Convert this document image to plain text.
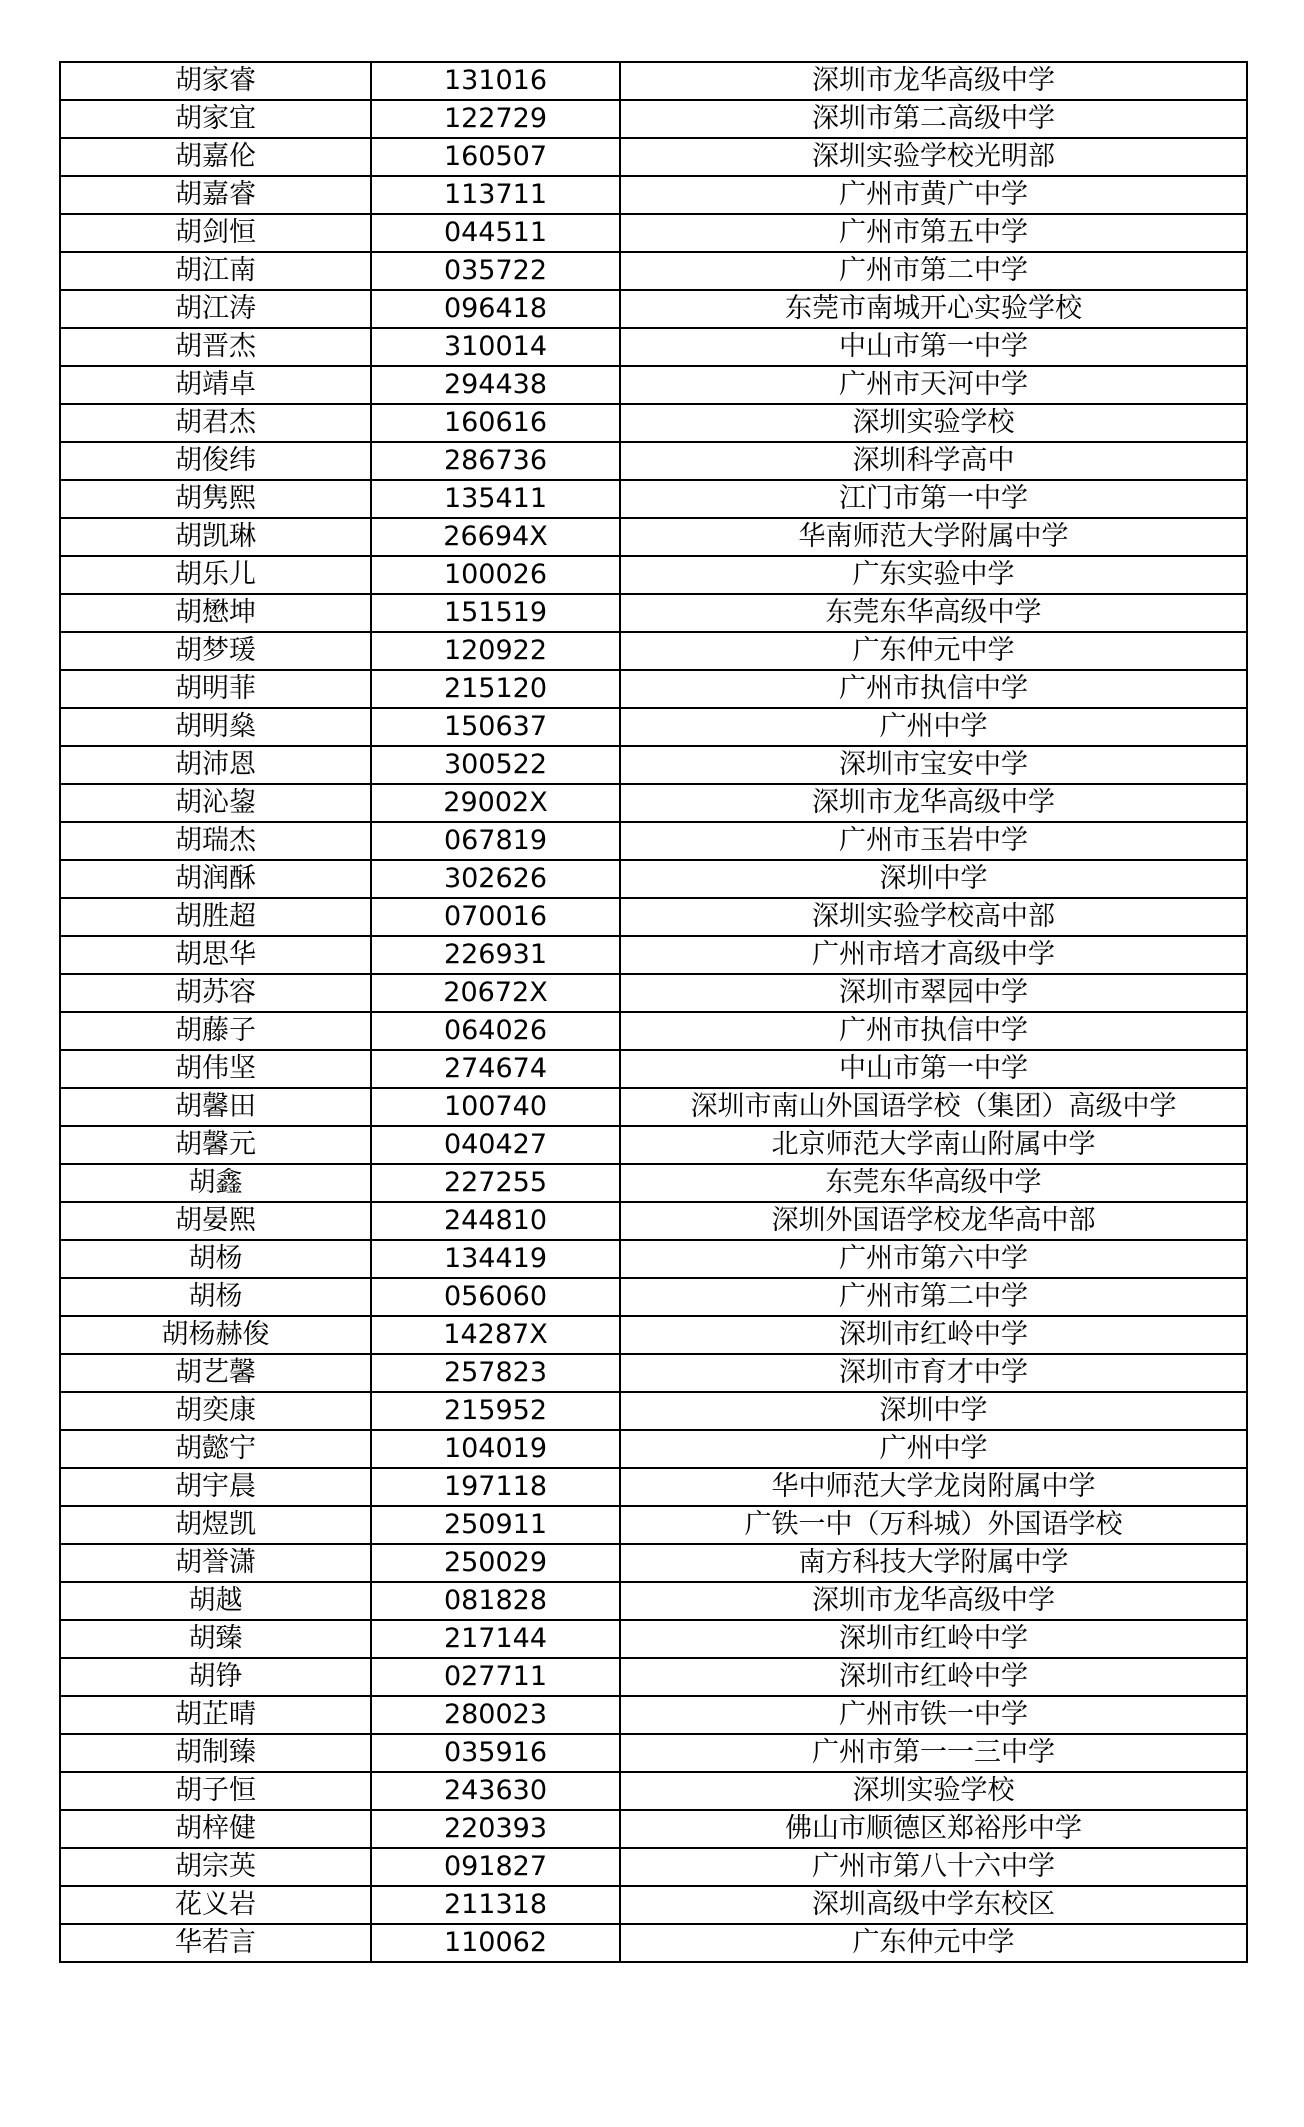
胡家睿	131016	深圳市龙华高级中学
胡家宜	122729	深圳市第二高级中学
胡嘉伦	160507	深圳实验学校光明部
胡嘉睿	113711	广州市黄广中学
胡剑恒	044511	广州市第五中学
胡江南	035722	广州市第二中学
胡江涛	096418	东莞市南城开心实验学校
胡晋杰	310014	中山市第一中学
胡靖卓	294438	广州市天河中学
胡君杰	160616	深圳实验学校
胡俊纬	286736	深圳科学高中
胡隽熙	135411	江门市第一中学
胡凯琳	26694X	华南师范大学附属中学
胡乐儿	100026	广东实验中学
胡懋坤	151519	东莞东华高级中学
胡梦瑗	120922	广东仲元中学
胡明菲	215120	广州市执信中学
胡明燊	150637	广州中学
胡沛恩	300522	深圳市宝安中学
胡沁鋆	29002X	深圳市龙华高级中学
胡瑞杰	067819	广州市玉岩中学
胡润酥	302626	深圳中学
胡胜超	070016	深圳实验学校高中部
胡思华	226931	广州市培才高级中学
胡苏容	20672X	深圳市翠园中学
胡藤子	064026	广州市执信中学
胡伟坚	274674	中山市第一中学
胡馨田	100740	深圳市南山外国语学校（集团）高级中学
胡馨元	040427	北京师范大学南山附属中学
胡鑫	227255	东莞东华高级中学
胡晏熙	244810	深圳外国语学校龙华高中部
胡杨	134419	广州市第六中学
胡杨	056060	广州市第二中学
胡杨赫俊	14287X	深圳市红岭中学
胡艺馨	257823	深圳市育才中学
胡奕康	215952	深圳中学
胡懿宁	104019	广州中学
胡宇晨	197118	华中师范大学龙岗附属中学
胡煜凯	250911	广铁一中（万科城）外国语学校
胡誉潇	250029	南方科技大学附属中学
胡越	081828	深圳市龙华高级中学
胡臻	217144	深圳市红岭中学
胡铮	027711	深圳市红岭中学
胡芷晴	280023	广州市铁一中学
胡制臻	035916	广州市第一一三中学
胡子恒	243630	深圳实验学校
胡梓健	220393	佛山市顺德区郑裕彤中学
胡宗英	091827	广州市第八十六中学
花义岩	211318	深圳高级中学东校区
华若言	110062	广东仲元中学
